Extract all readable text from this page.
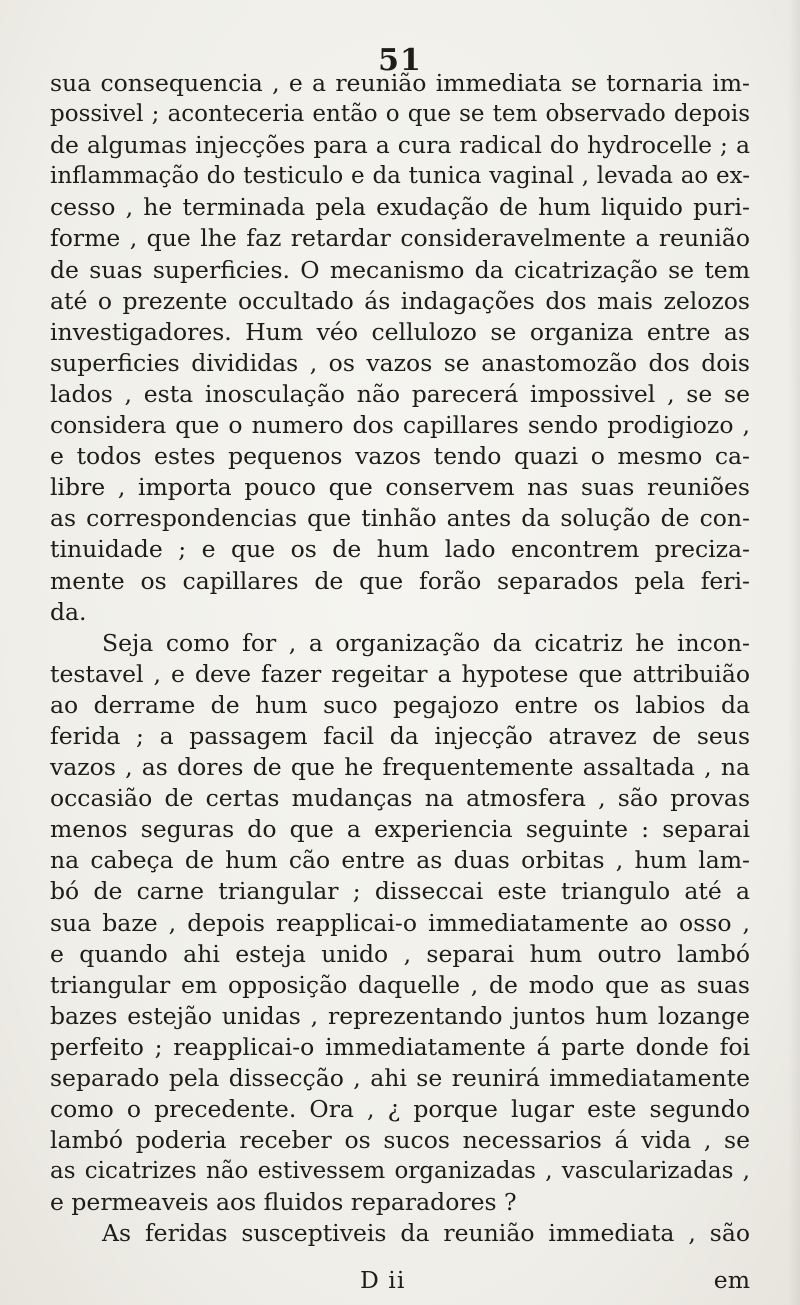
51
sua consequencia , e a reunião immediata se tornaria im-
possivel ; aconteceria então o que se tem observado depois
de algumas injecções para a cura radical do hydrocelle ; a
inflammação do testiculo e da tunica vaginal , levada ao ex-
cesso , he terminada pela exudação de hum liquido puri-
forme , que lhe faz retardar consideravelmente a reunião
de suas superficies. O mecanismo da cicatrização se tem
até o prezente occultado ás indagações dos mais zelozos
investigadores. Hum véo cellulozo se organiza entre as
superficies divididas , os vazos se anastomozão dos dois
lados , esta inosculação não parecerá impossivel , se se
considera que o numero dos capillares sendo prodigiozo ,
e todos estes pequenos vazos tendo quazi o mesmo ca-
libre , importa pouco que conservem nas suas reuniões
as correspondencias que tinhão antes da solução de con-
tinuidade ; e que os de hum lado encontrem preciza-
mente os capillares de que forão separados pela feri-
da.
Seja como for , a organização da cicatriz he incon-
testavel , e deve fazer regeitar a hypotese que attribuião
ao derrame de hum suco pegajozo entre os labios da
ferida ; a passagem facil da injecção atravez de seus
vazos , as dores de que he frequentemente assaltada , na
occasião de certas mudanças na atmosfera , são provas
menos seguras do que a experiencia seguinte : separai
na cabeça de hum cão entre as duas orbitas , hum lam-
bó de carne triangular ; disseccai este triangulo até a
sua baze , depois reapplicai-o immediatamente ao osso ,
e quando ahi esteja unido , separai hum outro lambó
triangular em opposição daquelle , de modo que as suas
bazes estejão unidas , reprezentando juntos hum lozange
perfeito ; reapplicai-o immediatamente á parte donde foi
separado pela dissecção , ahi se reunirá immediatamente
como o precedente. Ora , ¿ porque lugar este segundo
lambó poderia receber os sucos necessarios á vida , se
as cicatrizes não estivessem organizadas , vascularizadas ,
e permeaveis aos fluidos reparadores ?
As feridas susceptiveis da reunião immediata , são
D ii	em
